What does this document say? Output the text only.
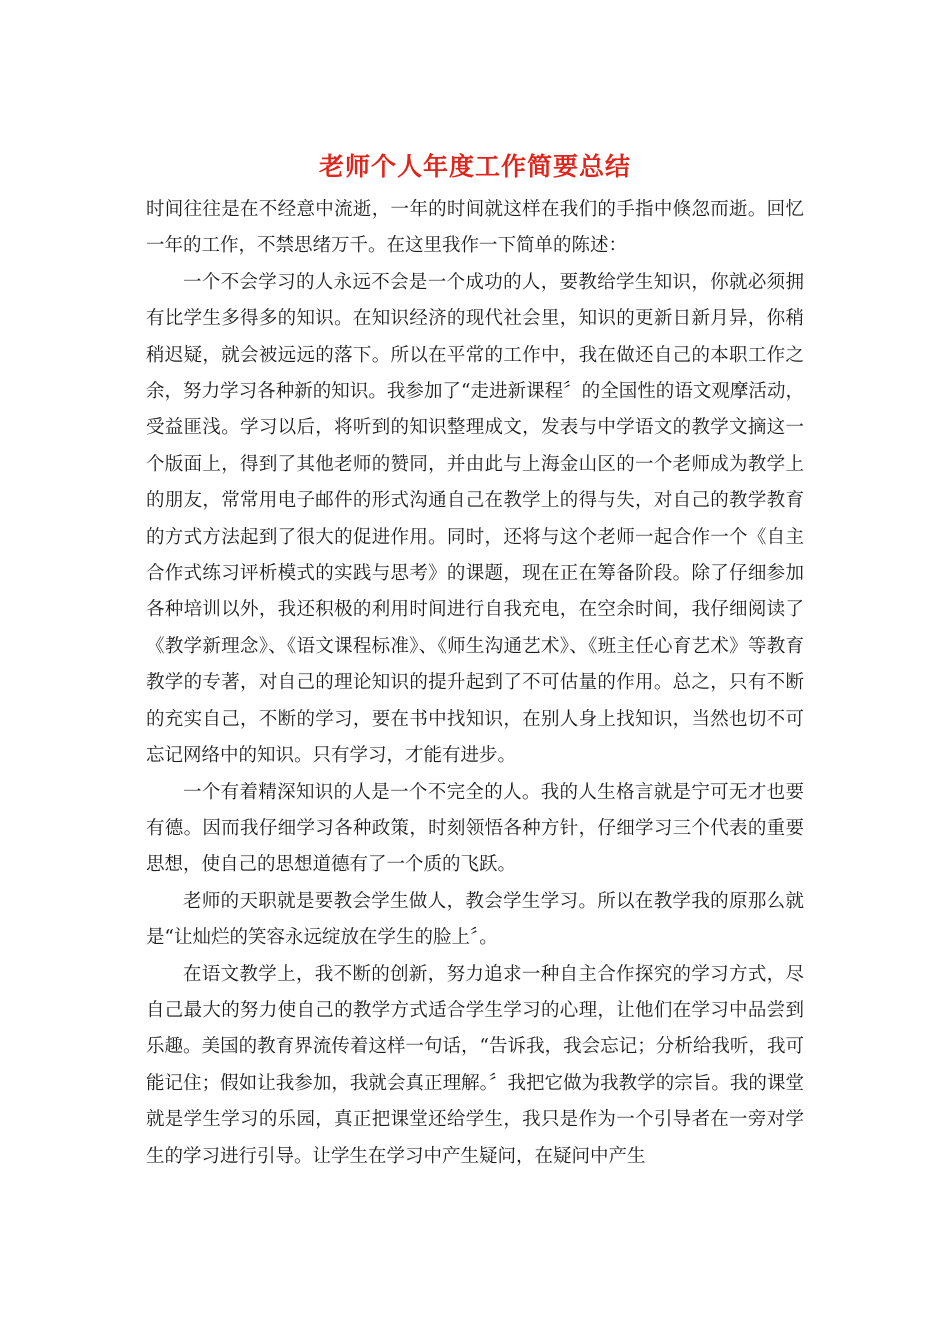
老师个人年度工作简要总结

时间往往是在不经意中流逝，一年的时间就这样在我们的手指中倏忽而逝。回忆一年的工作，不禁思绪万千。在这里我作一下简单的陈述：

一个不会学习的人永远不会是一个成功的人，要教给学生知识，你就必须拥有比学生多得多的知识。在知识经济的现代社会里，知识的更新日新月异，你稍稍迟疑，就会被远远的落下。所以在平常的工作中，我在做还自己的本职工作之余，努力学习各种新的知识。我参加了“走进新课程〞的全国性的语文观摩活动，受益匪浅。学习以后，将听到的知识整理成文，发表与中学语文的教学文摘这一个版面上，得到了其他老师的赞同，并由此与上海金山区的一个老师成为教学上的朋友，常常用电子邮件的形式沟通自己在教学上的得与失，对自己的教学教育的方式方法起到了很大的促进作用。同时，还将与这个老师一起合作一个《自主合作式练习评析模式的实践与思考》的课题，现在正在筹备阶段。除了仔细参加各种培训以外，我还积极的利用时间进行自我充电，在空余时间，我仔细阅读了《教学新理念》、《语文课程标准》、《师生沟通艺术》、《班主任心育艺术》等教育教学的专著，对自己的理论知识的提升起到了不可估量的作用。总之，只有不断的充实自己，不断的学习，要在书中找知识，在别人身上找知识，当然也切不可忘记网络中的知识。只有学习，才能有进步。

一个有着精深知识的人是一个不完全的人。我的人生格言就是宁可无才也要有德。因而我仔细学习各种政策，时刻领悟各种方针，仔细学习三个代表的重要思想，使自己的思想道德有了一个质的飞跃。

老师的天职就是要教会学生做人，教会学生学习。所以在教学我的原那么就是“让灿烂的笑容永远绽放在学生的脸上〞。

在语文教学上，我不断的创新，努力追求一种自主合作探究的学习方式，尽自己最大的努力使自己的教学方式适合学生学习的心理，让他们在学习中品尝到乐趣。美国的教育界流传着这样一句话，“告诉我，我会忘记；分析给我听，我可能记住；假如让我参加，我就会真正理解。〞我把它做为我教学的宗旨。我的课堂就是学生学习的乐园，真正把课堂还给学生，我只是作为一个引导者在一旁对学生的学习进行引导。让学生在学习中产生疑问，在疑问中产生
